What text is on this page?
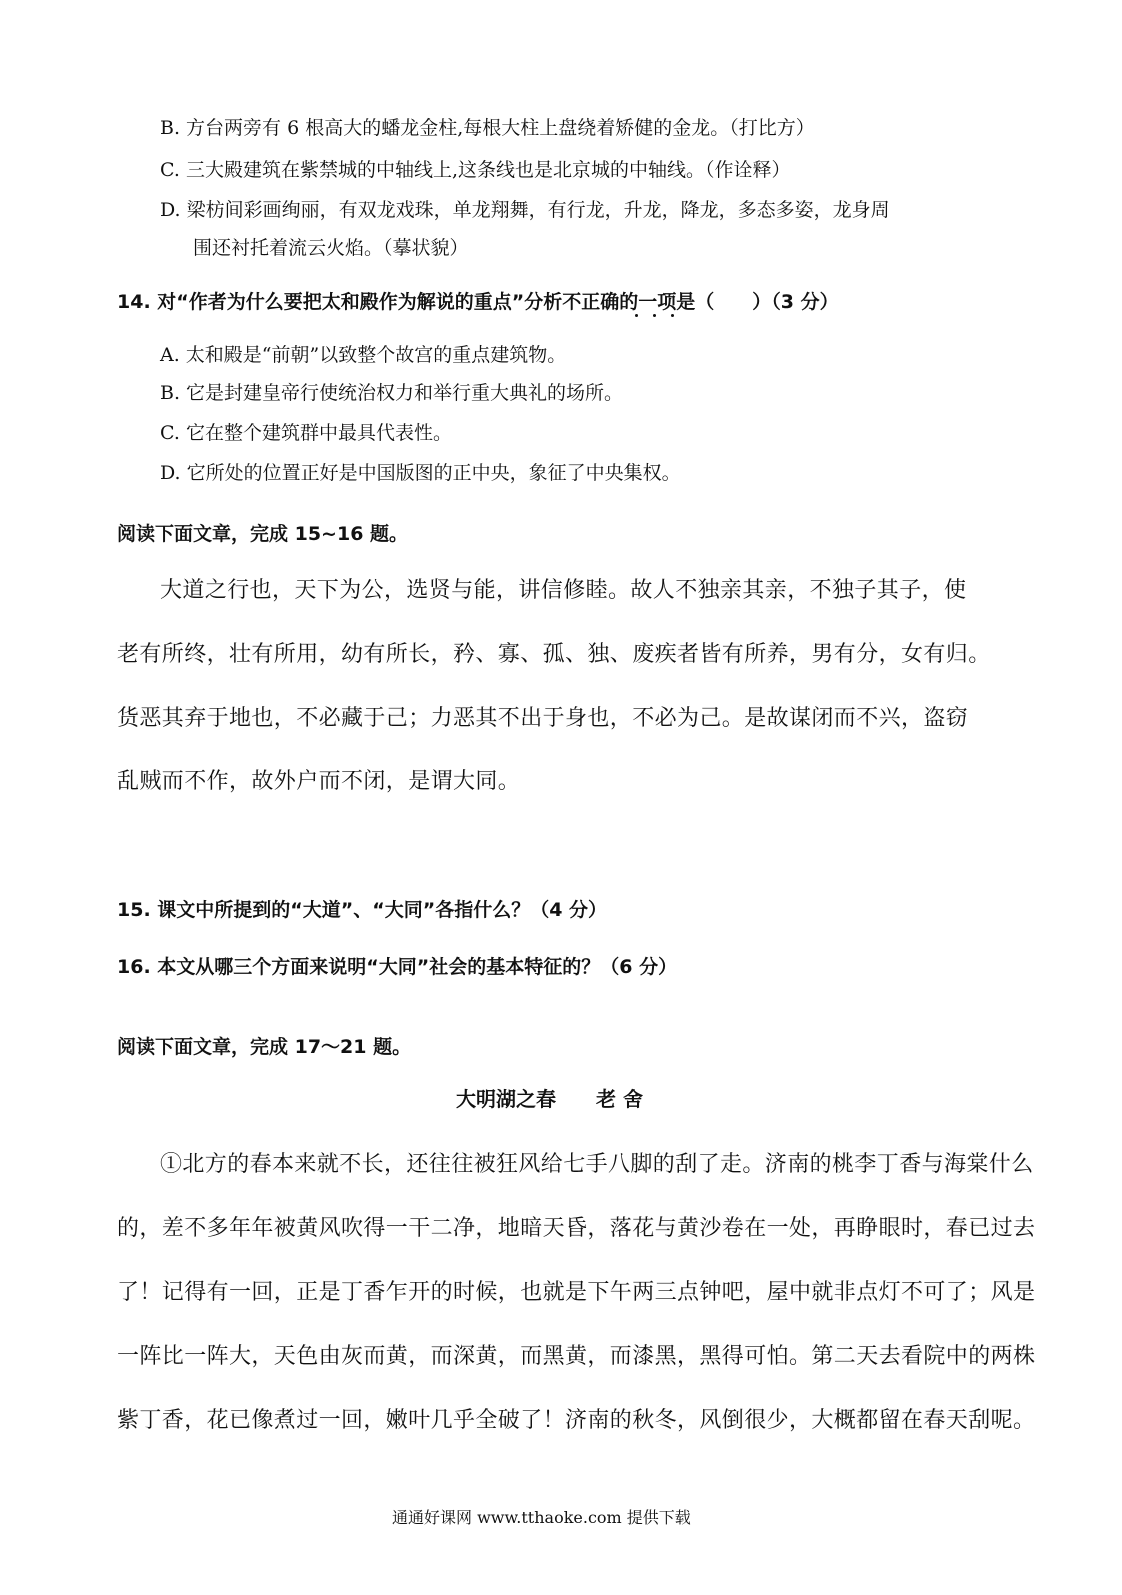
B. 方台两旁有 6 根高大的蟠龙金柱,每根大柱上盘绕着矫健的金龙。（打比方）
C. 三大殿建筑在紫禁城的中轴线上,这条线也是北京城的中轴线。（作诠释）
D. 梁枋间彩画绚丽，有双龙戏珠，单龙翔舞，有行龙，升龙，降龙，多态多姿，龙身周
围还衬托着流云火焰。（摹状貌）
14. 对“作者为什么要把太和殿作为解说的重点”分析不正确的一项是（　　）（3 分）
A. 太和殿是“前朝”以致整个故宫的重点建筑物。
B. 它是封建皇帝行使统治权力和举行重大典礼的场所。
C. 它在整个建筑群中最具代表性。
D. 它所处的位置正好是中国版图的正中央，象征了中央集权。
阅读下面文章，完成 15~16 题。
大道之行也，天下为公，选贤与能，讲信修睦。故人不独亲其亲，不独子其子，使
老有所终，壮有所用，幼有所长，矜、寡、孤、独、废疾者皆有所养，男有分，女有归。
货恶其弃于地也，不必藏于己；力恶其不出于身也，不必为己。是故谋闭而不兴，盗窃
乱贼而不作，故外户而不闭，是谓大同。
15. 课文中所提到的“大道”、“大同”各指什么？（4 分）
16. 本文从哪三个方面来说明“大同”社会的基本特征的？（6 分）
阅读下面文章，完成 17～21 题。
大明湖之春　　老 舍
①北方的春本来就不长，还往往被狂风给七手八脚的刮了走。济南的桃李丁香与海棠什么
的，差不多年年被黄风吹得一干二净，地暗天昏，落花与黄沙卷在一处，再睁眼时，春已过去
了！记得有一回，正是丁香乍开的时候，也就是下午两三点钟吧，屋中就非点灯不可了；风是
一阵比一阵大，天色由灰而黄，而深黄，而黑黄，而漆黑，黑得可怕。第二天去看院中的两株
紫丁香，花已像煮过一回，嫩叶几乎全破了！济南的秋冬，风倒很少，大概都留在春天刮呢。
通通好课网 www.tthaoke.com 提供下载
